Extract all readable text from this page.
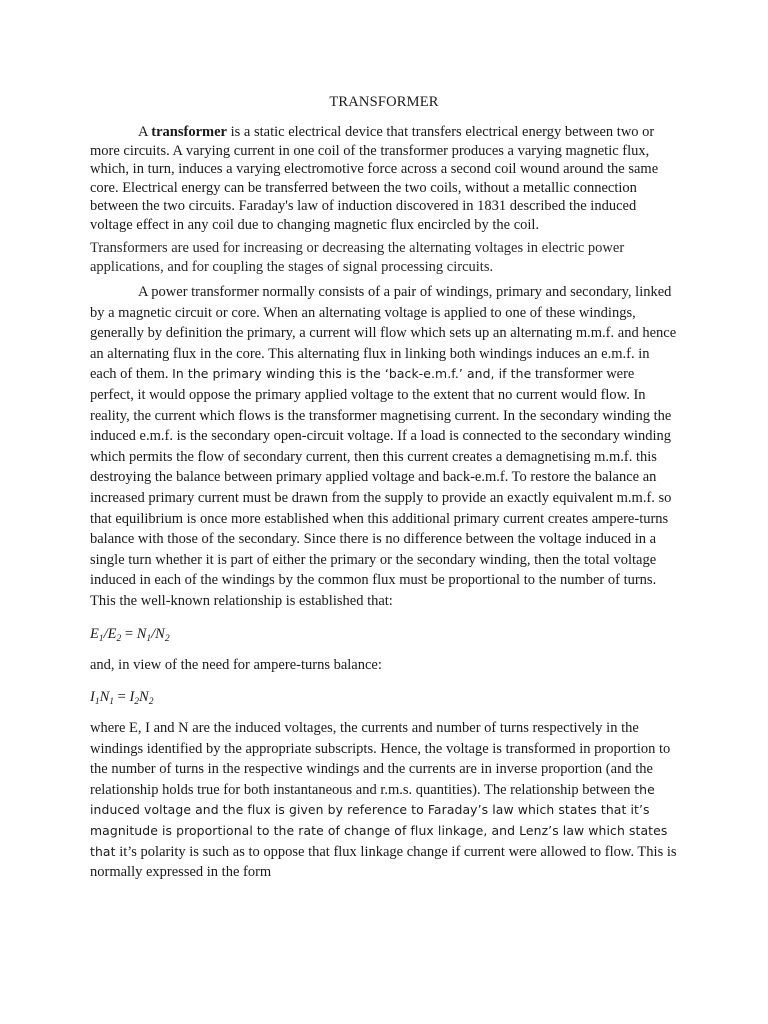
TRANSFORMER

A transformer is a static electrical device that transfers electrical energy between two or more circuits. A varying current in one coil of the transformer produces a varying magnetic flux, which, in turn, induces a varying electromotive force across a second coil wound around the same core. Electrical energy can be transferred between the two coils, without a metallic connection between the two circuits. Faraday's law of induction discovered in 1831 described the induced voltage effect in any coil due to changing magnetic flux encircled by the coil.

Transformers are used for increasing or decreasing the alternating voltages in electric power applications, and for coupling the stages of signal processing circuits.

A power transformer normally consists of a pair of windings, primary and secondary, linked by a magnetic circuit or core. When an alternating voltage is applied to one of these windings, generally by definition the primary, a current will flow which sets up an alternating m.m.f. and hence an alternating flux in the core. This alternating flux in linking both windings induces an e.m.f. in each of them. In the primary winding this is the ‘back-e.m.f.’ and, if the transformer were perfect, it would oppose the primary applied voltage to the extent that no current would flow. In reality, the current which flows is the transformer magnetising current. In the secondary winding the induced e.m.f. is the secondary open-circuit voltage. If a load is connected to the secondary winding which permits the flow of secondary current, then this current creates a demagnetising m.m.f. this destroying the balance between primary applied voltage and back-e.m.f. To restore the balance an increased primary current must be drawn from the supply to provide an exactly equivalent m.m.f. so that equilibrium is once more established when this additional primary current creates ampere-turns balance with those of the secondary. Since there is no difference between the voltage induced in a single turn whether it is part of either the primary or the secondary winding, then the total voltage induced in each of the windings by the common flux must be proportional to the number of turns. This the well-known relationship is established that:

$E_1/E_2 = N_1/N_2$

and, in view of the need for ampere-turns balance:

$I_1N_1 = I_2N_2$

where E, I and N are the induced voltages, the currents and number of turns respectively in the windings identified by the appropriate subscripts. Hence, the voltage is transformed in proportion to the number of turns in the respective windings and the currents are in inverse proportion (and the relationship holds true for both instantaneous and r.m.s. quantities). The relationship between the induced voltage and the flux is given by reference to Faraday’s law which states that it’s magnitude is proportional to the rate of change of flux linkage, and Lenz’s law which states that it’s polarity is such as to oppose that flux linkage change if current were allowed to flow. This is normally expressed in the form
